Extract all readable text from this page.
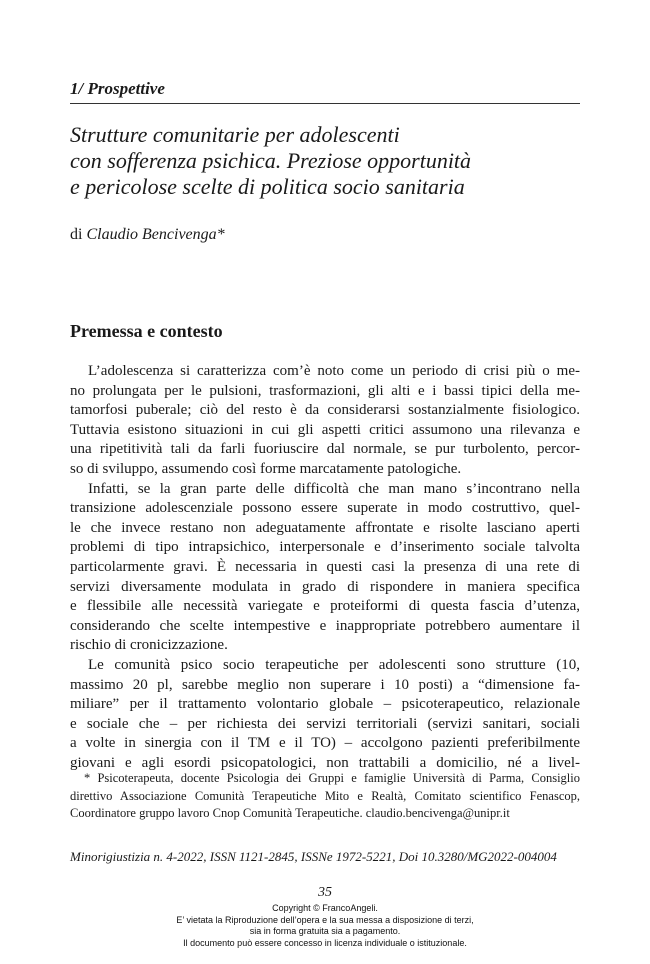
1/ Prospettive
Strutture comunitarie per adolescenti
con sofferenza psichica. Preziose opportunità
e pericolose scelte di politica socio sanitaria
di Claudio Bencivenga*
Premessa e contesto

L’adolescenza si caratterizza com’è noto come un periodo di crisi più o me-
no prolungata per le pulsioni, trasformazioni, gli alti e i bassi tipici della me-
tamorfosi puberale; ciò del resto è da considerarsi sostanzialmente fisiologico.
Tuttavia esistono situazioni in cui gli aspetti critici assumono una rilevanza e
una ripetitività tali da farli fuoriuscire dal normale, se pur turbolento, percor-
so di sviluppo, assumendo così forme marcatamente patologiche.

Infatti, se la gran parte delle difficoltà che man mano s’incontrano nella
transizione adolescenziale possono essere superate in modo costruttivo, quel-
le che invece restano non adeguatamente affrontate e risolte lasciano aperti
problemi di tipo intrapsichico, interpersonale e d’inserimento sociale talvolta
particolarmente gravi. È necessaria in questi casi la presenza di una rete di
servizi diversamente modulata in grado di rispondere in maniera specifica
e flessibile alle necessità variegate e proteiformi di questa fascia d’utenza,
considerando che scelte intempestive e inappropriate potrebbero aumentare il
rischio di cronicizzazione.

Le comunità psico socio terapeutiche per adolescenti sono strutture (10,
massimo 20 pl, sarebbe meglio non superare i 10 posti) a “dimensione fa-
miliare” per il trattamento volontario globale – psicoterapeutico, relazionale
e sociale che – per richiesta dei servizi territoriali (servizi sanitari, sociali
a volte in sinergia con il TM e il TO) – accolgono pazienti preferibilmente
giovani e agli esordi psicopatologici, non trattabili a domicilio, né a livel-

* Psicoterapeuta, docente Psicologia dei Gruppi e famiglie Università di Parma, Consiglio
direttivo Associazione Comunità Terapeutiche Mito e Realtà, Comitato scientifico Fenascop,
Coordinatore gruppo lavoro Cnop Comunità Terapeutiche. claudio.bencivenga@unipr.it
Minorigiustizia n. 4-2022, ISSN 1121-2845, ISSNe 1972-5221, Doi 10.3280/MG2022-004004
35
Copyright © FrancoAngeli.
E’ vietata la Riproduzione dell’opera e la sua messa a disposizione di terzi,
sia in forma gratuita sia a pagamento.
Il documento può essere concesso in licenza individuale o istituzionale.
